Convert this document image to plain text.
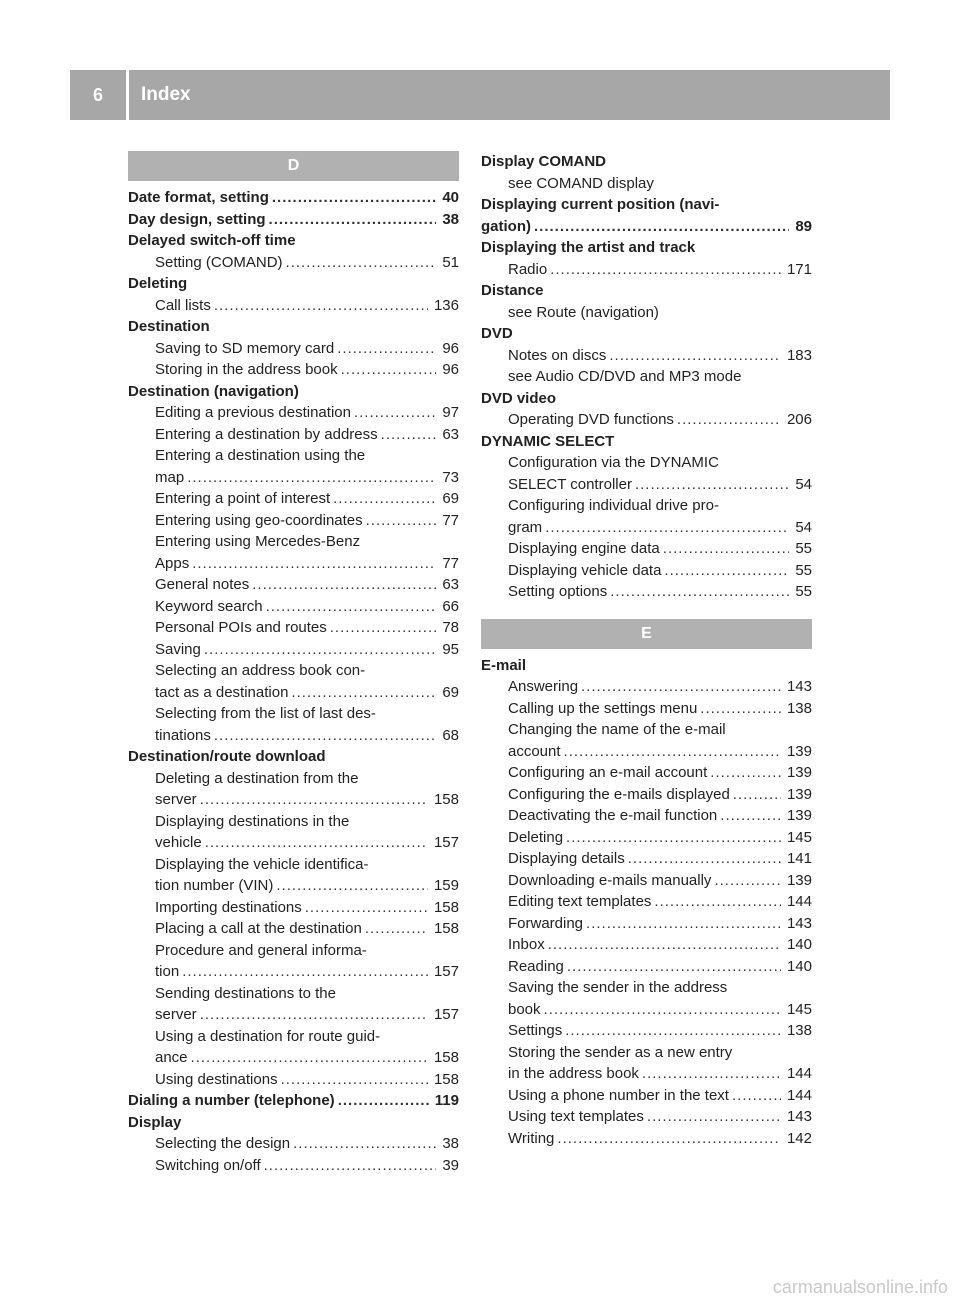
6	Index
D
Date format, setting .....	40
Day design, setting .....	38
Delayed switch-off time
Setting (COMAND) .....	51
Deleting
Call lists .....	136
Destination
Saving to SD memory card .....	96
Storing in the address book .....	96
Destination (navigation)
Editing a previous destination .....	97
Entering a destination by address .....	63
Entering a destination using the
map .....	73
Entering a point of interest .....	69
Entering using geo-coordinates .....	77
Entering using Mercedes-Benz
Apps .....	77
General notes .....	63
Keyword search .....	66
Personal POIs and routes .....	78
Saving .....	95
Selecting an address book con-
tact as a destination .....	69
Selecting from the list of last des-
tinations .....	68
Destination/route download
Deleting a destination from the
server .....	158
Displaying destinations in the
vehicle .....	157
Displaying the vehicle identifica-
tion number (VIN) .....	159
Importing destinations .....	158
Placing a call at the destination .....	158
Procedure and general informa-
tion .....	157
Sending destinations to the
server .....	157
Using a destination for route guid-
ance .....	158
Using destinations .....	158
Dialing a number (telephone) .....	119
Display
Selecting the design .....	38
Switching on/off .....	39
Display COMAND
see COMAND display
Displaying current position (navi-
gation) .....	89
Displaying the artist and track
Radio .....	171
Distance
see Route (navigation)
DVD
Notes on discs .....	183
see Audio CD/DVD and MP3 mode
DVD video
Operating DVD functions .....	206
DYNAMIC SELECT
Configuration via the DYNAMIC
SELECT controller .....	54
Configuring individual drive pro-
gram .....	54
Displaying engine data .....	55
Displaying vehicle data .....	55
Setting options .....	55
E
E-mail
Answering .....	143
Calling up the settings menu .....	138
Changing the name of the e-mail
account .....	139
Configuring an e-mail account .....	139
Configuring the e-mails displayed .....	139
Deactivating the e-mail function .....	139
Deleting .....	145
Displaying details .....	141
Downloading e-mails manually .....	139
Editing text templates .....	144
Forwarding .....	143
Inbox .....	140
Reading .....	140
Saving the sender in the address
book .....	145
Settings .....	138
Storing the sender as a new entry
in the address book .....	144
Using a phone number in the text .....	144
Using text templates .....	143
Writing .....	142
carmanualsonline.info
